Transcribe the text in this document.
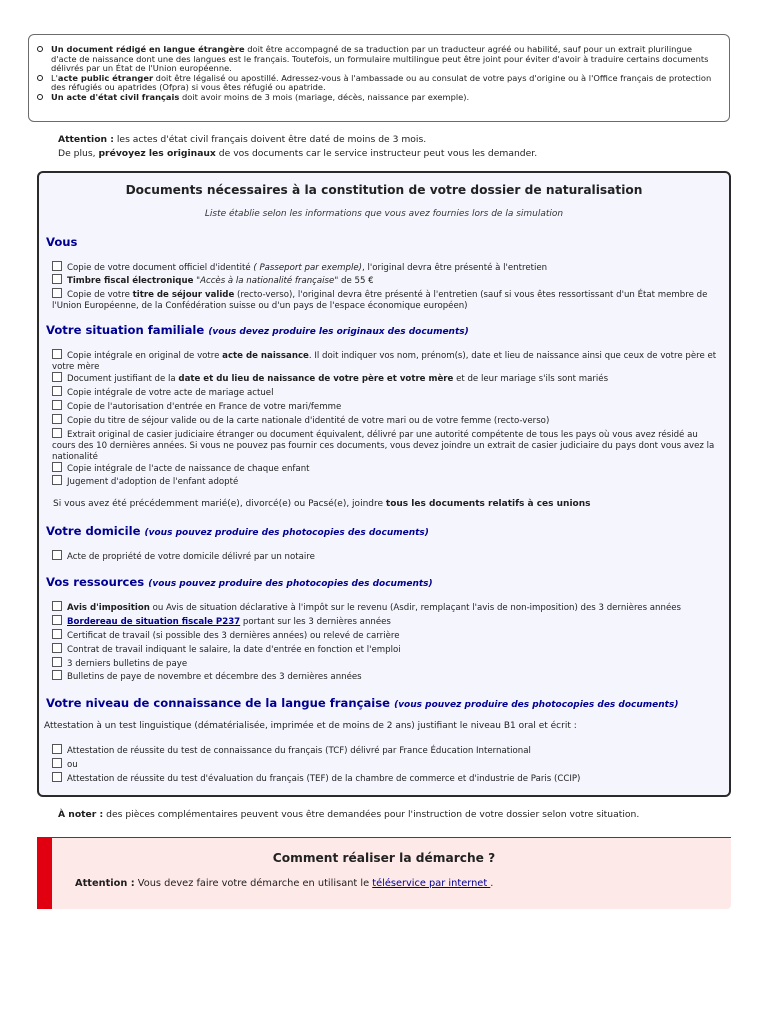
Un document rédigé en langue étrangère doit être accompagné de sa traduction par un traducteur agréé ou habilité, sauf pour un extrait plurilingue d'acte de naissance dont une des langues est le français. Toutefois, un formulaire multilingue peut être joint pour éviter d'avoir à traduire certains documents délivrés par un État de l'Union européenne.
L'acte public étranger doit être légalisé ou apostillé. Adressez-vous à l'ambassade ou au consulat de votre pays d'origine ou à l'Office français de protection des réfugiés ou apatrides (Ofpra) si vous êtes réfugié ou apatride.
Un acte d'état civil français doit avoir moins de 3 mois (mariage, décès, naissance par exemple).
Attention : les actes d'état civil français doivent être daté de moins de 3 mois.
De plus, prévoyez les originaux de vos documents car le service instructeur peut vous les demander.
Documents nécessaires à la constitution de votre dossier de naturalisation
Liste établie selon les informations que vous avez fournies lors de la simulation
Vous
Copie de votre document officiel d'identité ( Passeport par exemple), l'original devra être présenté à l'entretien
Timbre fiscal électronique "Accès à la nationalité française" de 55 €
Copie de votre titre de séjour valide (recto-verso), l'original devra être présenté à l'entretien (sauf si vous êtes ressortissant d'un État membre de l'Union Européenne, de la Confédération suisse ou d'un pays de l'espace économique européen)
Votre situation familiale (vous devez produire les originaux des documents)
Copie intégrale en original de votre acte de naissance. Il doit indiquer vos nom, prénom(s), date et lieu de naissance ainsi que ceux de votre père et votre mère
Document justifiant de la date et du lieu de naissance de votre père et votre mère et de leur mariage s'ils sont mariés
Copie intégrale de votre acte de mariage actuel
Copie de l'autorisation d'entrée en France de votre mari/femme
Copie du titre de séjour valide ou de la carte nationale d'identité de votre mari ou de votre femme (recto-verso)
Extrait original de casier judiciaire étranger ou document équivalent, délivré par une autorité compétente de tous les pays où vous avez résidé au cours des 10 dernières années. Si vous ne pouvez pas fournir ces documents, vous devez joindre un extrait de casier judiciaire du pays dont vous avez la nationalité
Copie intégrale de l'acte de naissance de chaque enfant
Jugement d'adoption de l'enfant adopté
Si vous avez été précédemment marié(e), divorcé(e) ou Pacsé(e), joindre tous les documents relatifs à ces unions
Votre domicile (vous pouvez produire des photocopies des documents)
Acte de propriété de votre domicile délivré par un notaire
Vos ressources (vous pouvez produire des photocopies des documents)
Avis d'imposition ou Avis de situation déclarative à l'impôt sur le revenu (Asdir, remplaçant l'avis de non-imposition) des 3 dernières années
Bordereau de situation fiscale P237 portant sur les 3 dernières années
Certificat de travail (si possible des 3 dernières années) ou relevé de carrière
Contrat de travail indiquant le salaire, la date d'entrée en fonction et l'emploi
3 derniers bulletins de paye
Bulletins de paye de novembre et décembre des 3 dernières années
Votre niveau de connaissance de la langue française (vous pouvez produire des photocopies des documents)
Attestation à un test linguistique (dématérialisée, imprimée et de moins de 2 ans) justifiant le niveau B1 oral et écrit :
Attestation de réussite du test de connaissance du français (TCF) délivré par France Éducation International
ou
Attestation de réussite du test d'évaluation du français (TEF) de la chambre de commerce et d'industrie de Paris (CCIP)
À noter : des pièces complémentaires peuvent vous être demandées pour l'instruction de votre dossier selon votre situation.
Comment réaliser la démarche ?
Attention : Vous devez faire votre démarche en utilisant le téléservice par internet .
